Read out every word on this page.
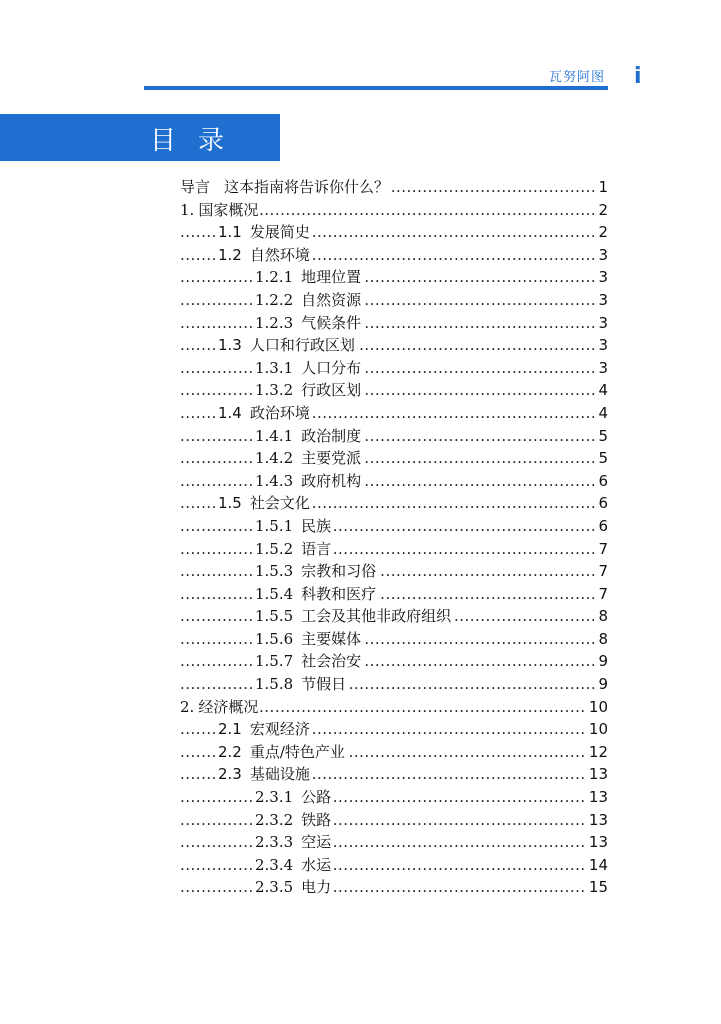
瓦努阿图 i
目录
.....
导言 这本指南将告诉你什么？	1
.....
1. 国家概况	2
.....
1.1 发展简史	2
.....
1.2 自然环境	3
.....
1.2.1 地理位置	3
.....
1.2.2 自然资源	3
.....
1.2.3 气候条件	3
.....
1.3 人口和行政区划	3
.....
1.3.1 人口分布	3
.....
1.3.2 行政区划	4
.....
1.4 政治环境	4
.....
1.4.1 政治制度	5
.....
1.4.2 主要党派	5
.....
1.4.3 政府机构	6
.....
1.5 社会文化	6
.....
1.5.1 民族	6
.....
1.5.2 语言	7
.....
1.5.3 宗教和习俗	7
.....
1.5.4 科教和医疗	7
.....
1.5.5 工会及其他非政府组织	8
.....
1.5.6 主要媒体	8
.....
1.5.7 社会治安	9
.....
1.5.8 节假日	9
.....
2. 经济概况	10
.....
2.1 宏观经济	10
.....
2.2 重点/特色产业	12
.....
2.3 基础设施	13
.....
2.3.1 公路	13
.....
2.3.2 铁路	13
.....
2.3.3 空运	13
.....
2.3.4 水运	14
.....
2.3.5 电力	15
